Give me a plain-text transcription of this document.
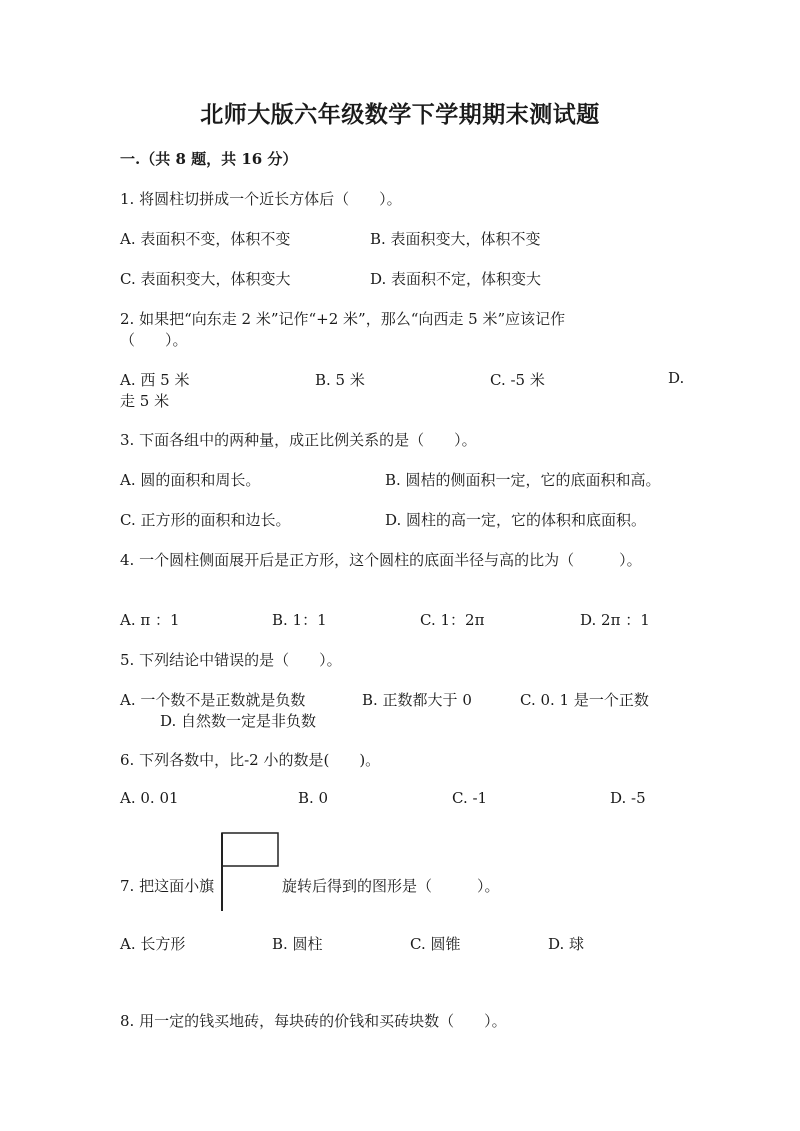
北师大版六年级数学下学期期末测试题
一.（共 8 题，共 16 分）
1. 将圆柱切拼成一个近长方体后（　　）。
A. 表面积不变，体积不变	B. 表面积变大，体积不变
C. 表面积变大，体积变大	D. 表面积不定，体积变大
2. 如果把“向东走 2 米”记作“+2 米”，那么“向西走 5 米”应该记作
（　　）。
A. 西 5 米	B. 5 米	C. -5 米	D.
走 5 米
3. 下面各组中的两种量，成正比例关系的是（　　）。
A. 圆的面积和周长。	B. 圆桔的侧面积一定，它的底面积和高。
C. 正方形的面积和边长。	D. 圆柱的高一定，它的体积和底面积。
4. 一个圆柱侧面展开后是正方形，这个圆柱的底面半径与高的比为（　　　）。
A. π ：1	B. 1：1	C. 1：2π	D. 2π ：1
5. 下列结论中错误的是（　　）。
A. 一个数不是正数就是负数	B. 正数都大于 0	C. 0. 1 是一个正数
D. 自然数一定是非负数
6. 下列各数中，比-2 小的数是(　　)。
A. 0. 01	B. 0	C. -1	D. -5
7. 把这面小旗	旋转后得到的图形是（　　　）。
A. 长方形	B. 圆柱	C. 圆锥	D. 球
8. 用一定的钱买地砖，每块砖的价钱和买砖块数（　　）。
